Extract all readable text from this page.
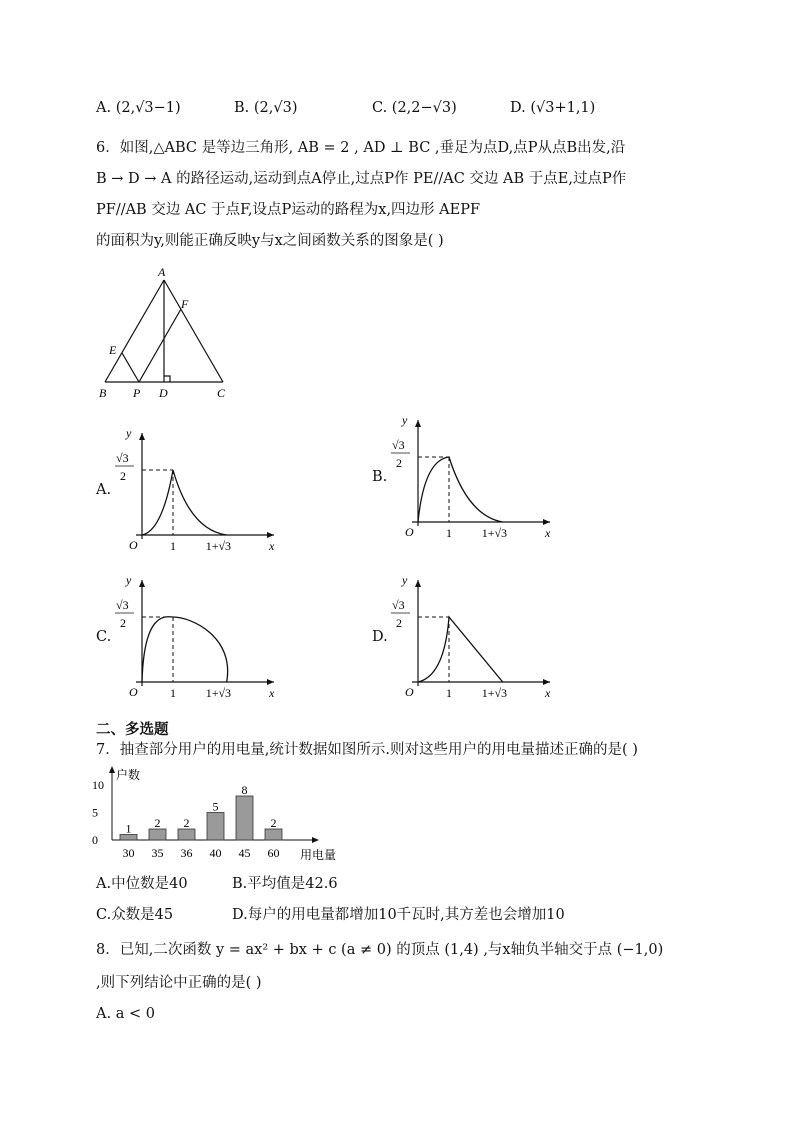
A. (2,√3−1)	B. (2,√3)	C. (2,2−√3)	D. (√3+1,1)
6．如图,△ABC 是等边三角形, AB = 2 , AD ⊥ BC ,垂足为点D,点P从点B出发,沿
B → D → A 的路径运动,运动到点A停止,过点P作 PE//AC 交边 AB 于点E,过点P作
PF//AB 交边 AC 于点F,设点P运动的路程为x,四边形 AEPF
的面积为y,则能正确反映y与x之间函数关系的图象是( )
A
F
E
B P D	C
A.
y
√3
2
O	1 1+√3	x
B.
y
√3
2
O	1 1+√3	x
C.
y
√3
2
O	1 1+√3	x
D.
y
√3
2
O	1 1+√3	x
二、多选题
7．抽查部分用户的用电量,统计数据如图所示.则对这些用户的用电量描述正确的是( )
户数
用电量
0
5
10
1
30
2
35
2
36
5
40
8
45
2
60
A.中位数是40	B.平均值是42.6
C.众数是45	D.每户的用电量都增加10千瓦时,其方差也会增加10
8．已知,二次函数 y = ax² + bx + c (a ≠ 0) 的顶点 (1,4) ,与x轴负半轴交于点 (−1,0)
,则下列结论中正确的是( )
A. a < 0
